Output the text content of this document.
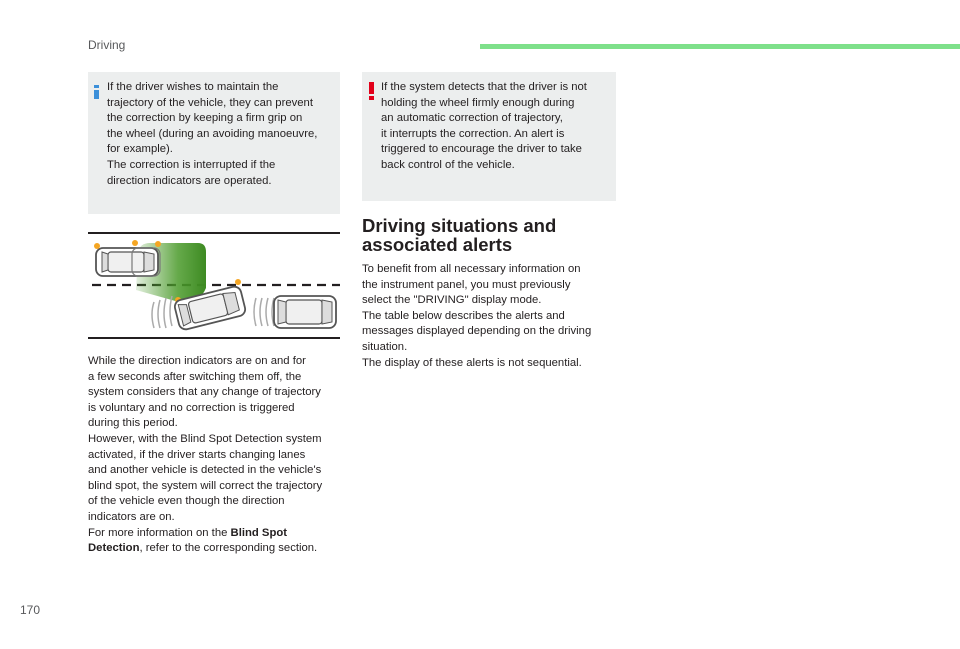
Driving

If the driver wishes to maintain the

trajectory of the vehicle, they can prevent

the correction by keeping a firm grip on

the wheel (during an avoiding manoeuvre,

for example).

The correction is interrupted if the

direction indicators are operated.

If the system detects that the driver is not

holding the wheel firmly enough during

an automatic correction of trajectory,

it interrupts the correction. An alert is

triggered to encourage the driver to take

back control of the vehicle.

While the direction indicators are on and for

a few seconds after switching them off, the

system considers that any change of trajectory

is voluntary and no correction is triggered

during this period.

However, with the Blind Spot Detection system

activated, if the driver starts changing lanes

and another vehicle is detected in the vehicle's

blind spot, the system will correct the trajectory

of the vehicle even though the direction

indicators are on.

For more information on the Blind Spot

Detection, refer to the corresponding section.

Driving situations and
associated alerts

To benefit from all necessary information on

the instrument panel, you must previously

select the "DRIVING" display mode.

The table below describes the alerts and

messages displayed depending on the driving

situation.

The display of these alerts is not sequential.

170
